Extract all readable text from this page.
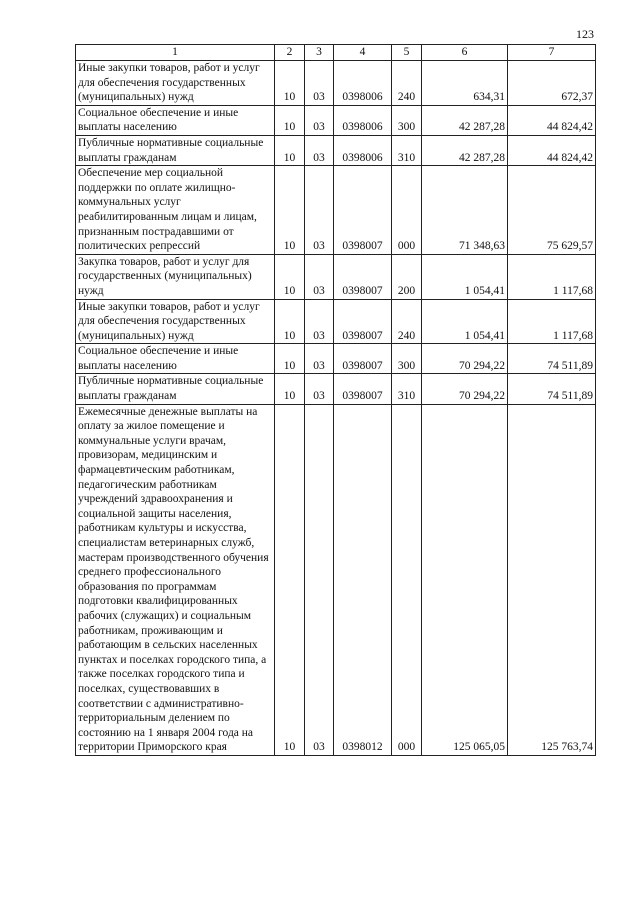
123
1	2	3	4	5	6	7
Иные закупки товаров, работ и услуг для обеспечения государственных (муниципальных) нужд	10	03	0398006	240	634,31	672,37
Социальное обеспечение и иные выплаты населению	10	03	0398006	300	42 287,28	44 824,42
Публичные нормативные социальные выплаты гражданам	10	03	0398006	310	42 287,28	44 824,42
Обеспечение мер социальной поддержки по оплате жилищно-коммунальных услуг реабилитированным лицам и лицам, признанным пострадавшими от политических репрессий	10	03	0398007	000	71 348,63	75 629,57
Закупка товаров, работ и услуг для государственных (муниципальных) нужд	10	03	0398007	200	1 054,41	1 117,68
Иные закупки товаров, работ и услуг для обеспечения государственных (муниципальных) нужд	10	03	0398007	240	1 054,41	1 117,68
Социальное обеспечение и иные выплаты населению	10	03	0398007	300	70 294,22	74 511,89
Публичные нормативные социальные выплаты гражданам	10	03	0398007	310	70 294,22	74 511,89
Ежемесячные денежные выплаты на оплату за жилое помещение и коммунальные услуги врачам, провизорам, медицинским и фармацевтическим работникам, педагогическим работникам учреждений здравоохранения и социальной защиты населения, работникам культуры и искусства, специалистам ветеринарных служб, мастерам производственного обучения среднего профессионального образования по программам подготовки квалифицированных рабочих (служащих) и социальным работникам, проживающим и работающим в сельских населенных пунктах и поселках городского типа, а также поселках городского типа и поселках, существовавших в соответствии с административно-территориальным делением по состоянию на 1 января 2004 года на территории Приморского края	10	03	0398012	000	125 065,05	125 763,74
